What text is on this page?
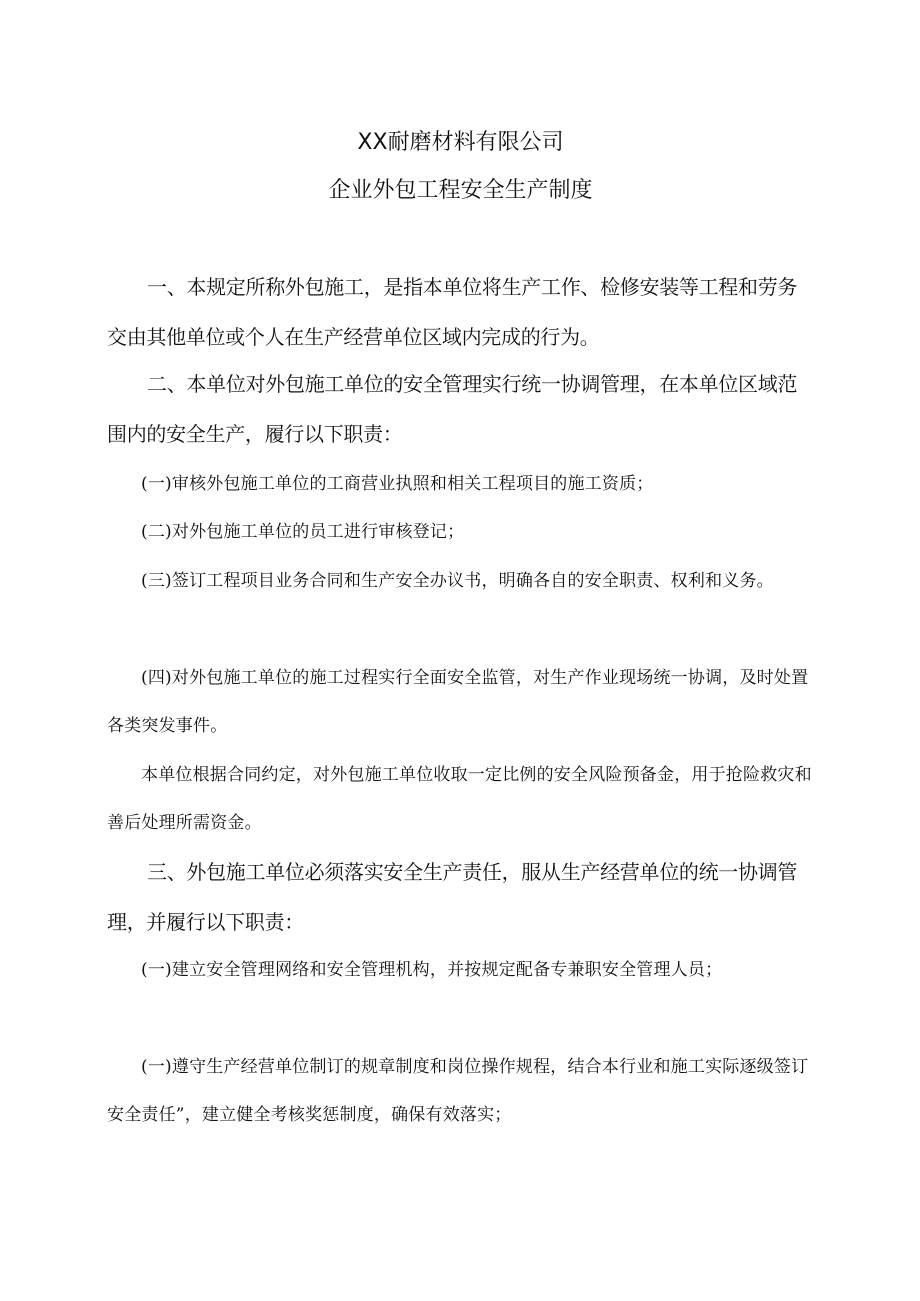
XX耐磨材料有限公司
企业外包工程安全生产制度

一、本规定所称外包施工，是指本单位将生产工作、检修安装等工程和劳务交由其他单位或个人在生产经营单位区域内完成的行为。

二、本单位对外包施工单位的安全管理实行统一协调管理，在本单位区域范围内的安全生产，履行以下职责：

(一)审核外包施工单位的工商营业执照和相关工程项目的施工资质；

(二)对外包施工单位的员工进行审核登记；

(三)签订工程项目业务合同和生产安全办议书，明确各自的安全职责、权利和义务。

(四)对外包施工单位的施工过程实行全面安全监管，对生产作业现场统一协调，及时处置各类突发事件。

本单位根据合同约定，对外包施工单位收取一定比例的安全风险预备金，用于抢险救灾和善后处理所需资金。

三、外包施工单位必须落实安全生产责任，服从生产经营单位的统一协调管理，并履行以下职责：

(一)建立安全管理网络和安全管理机构，并按规定配备专兼职安全管理人员；

(一)遵守生产经营单位制订的规章制度和岗位操作规程，结合本行业和施工实际逐级签订安全责任”，建立健全考核奖惩制度，确保有效落实；
